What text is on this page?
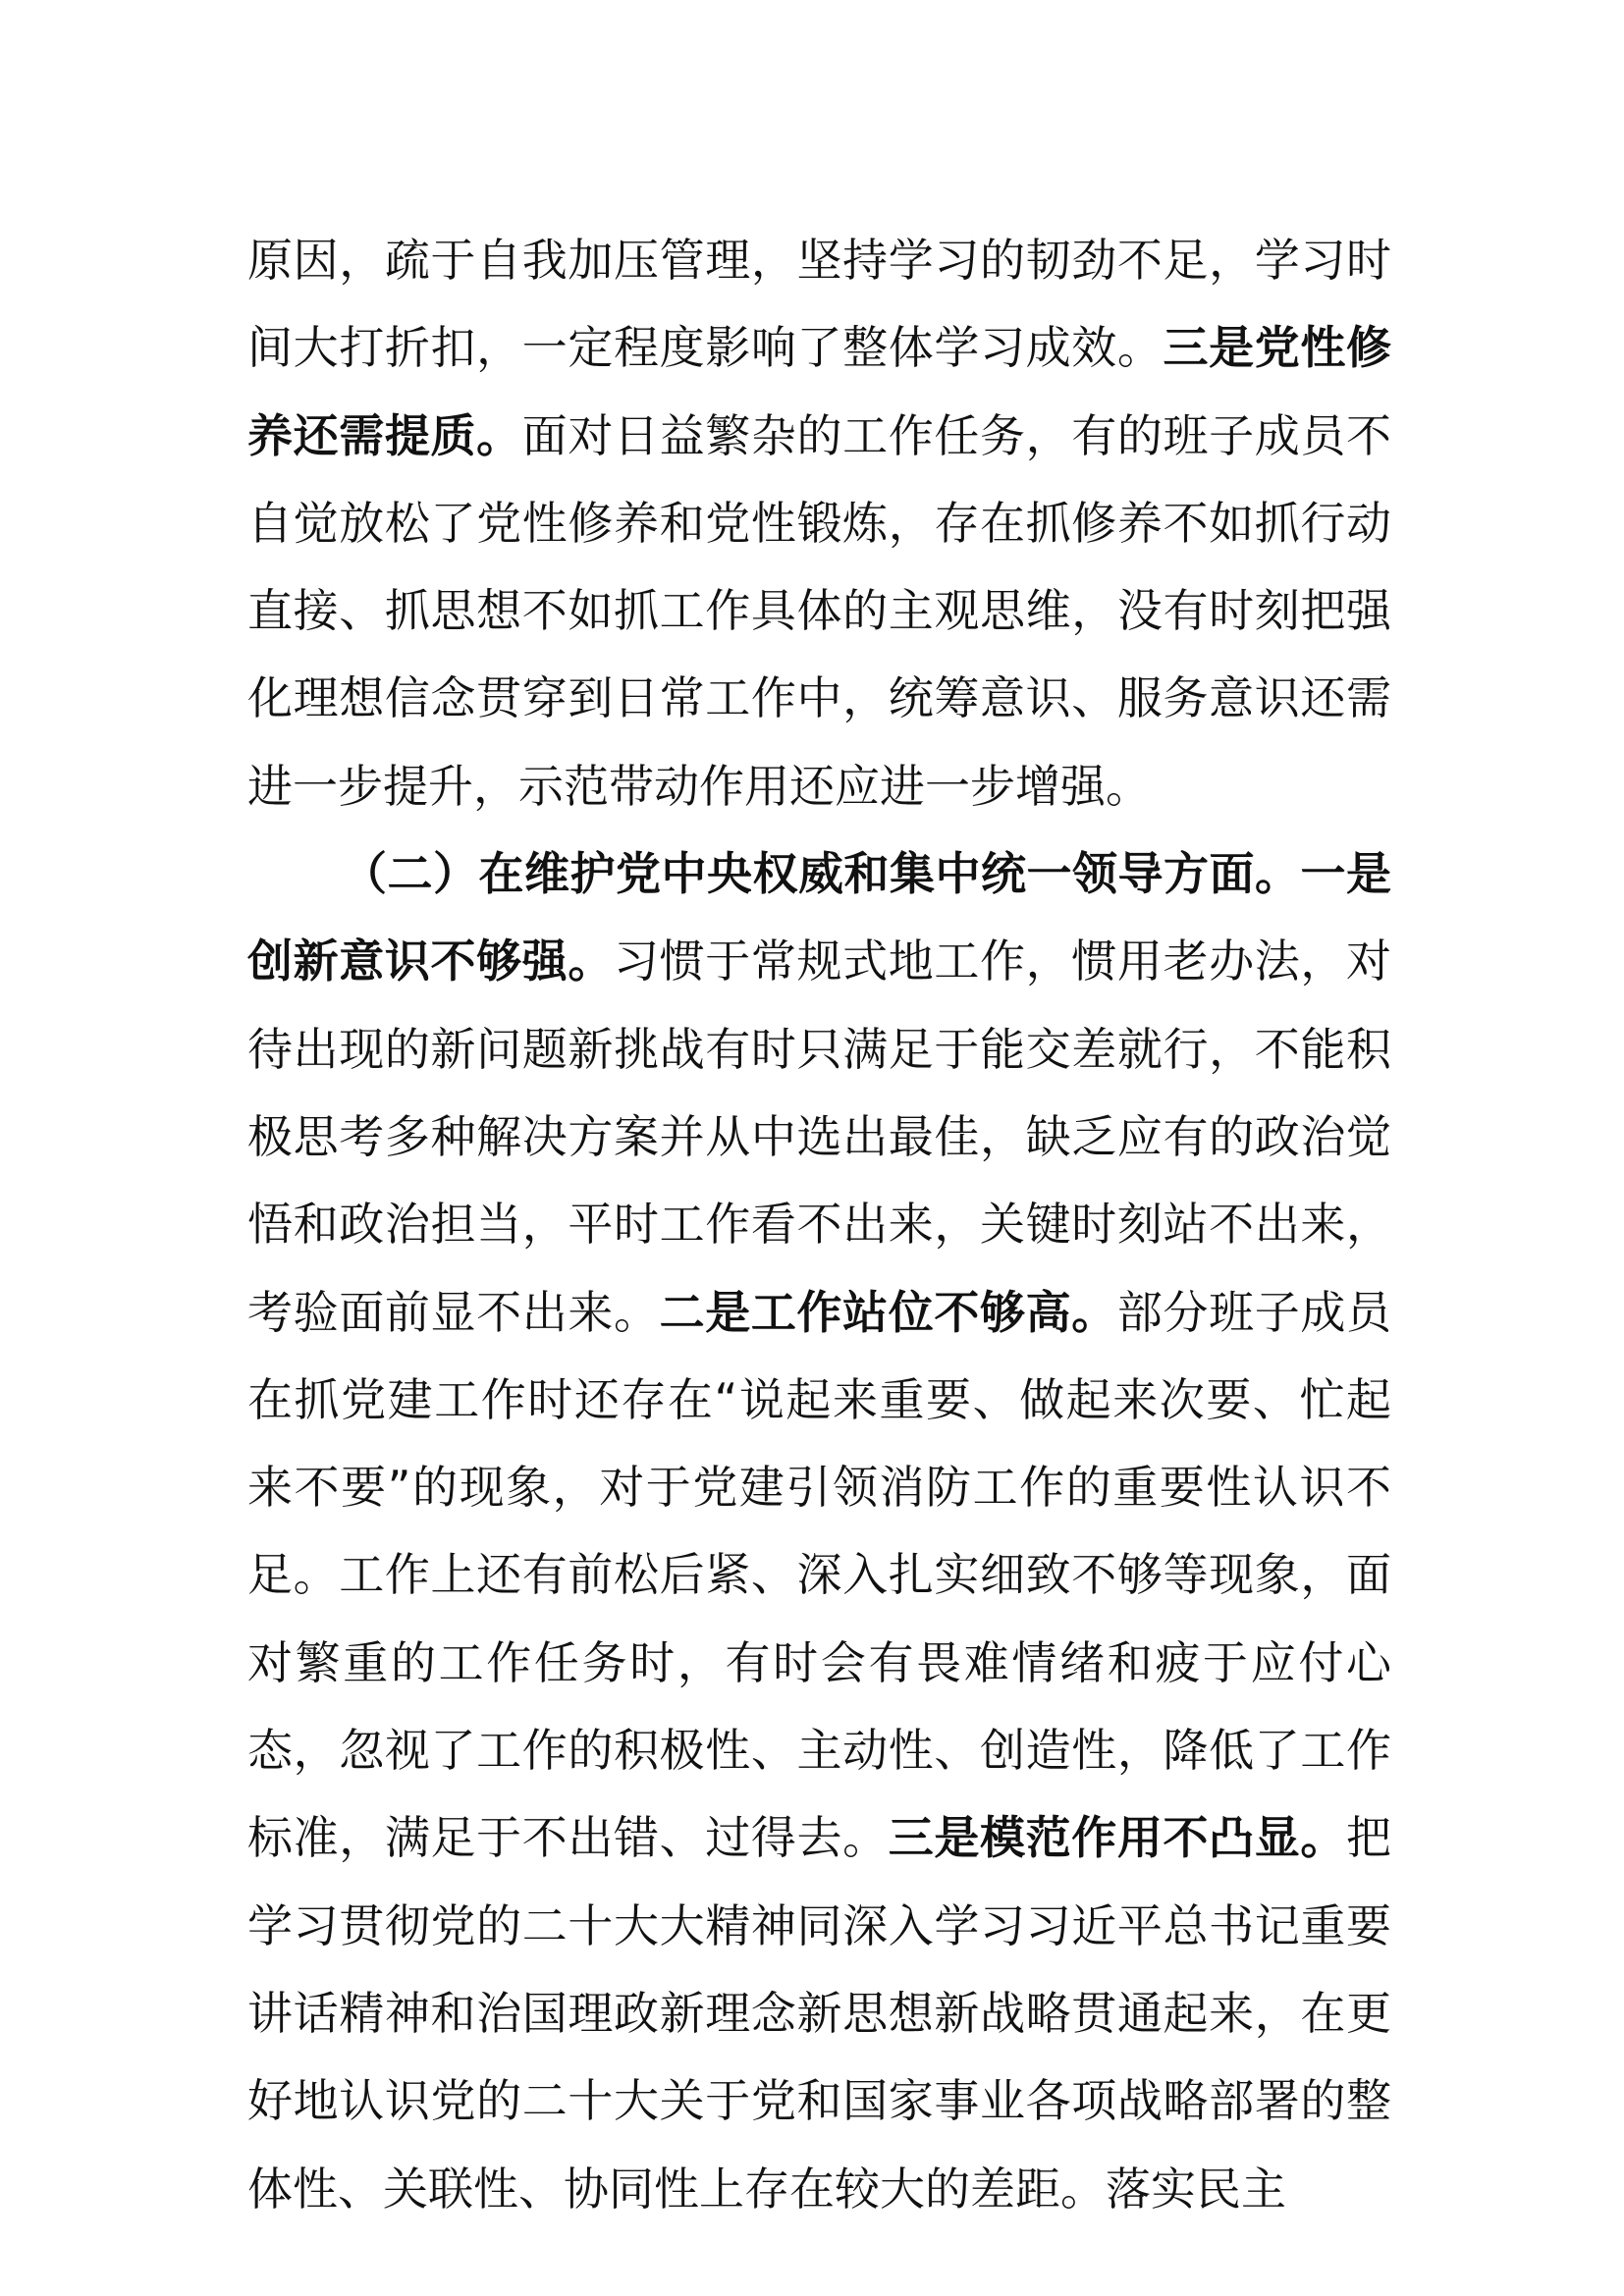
原因，疏于自我加压管理，坚持学习的韧劲不足，学习时间大打折扣，一定程度影响了整体学习成效。三是党性修养还需提质。面对日益繁杂的工作任务，有的班子成员不自觉放松了党性修养和党性锻炼，存在抓修养不如抓行动直接、抓思想不如抓工作具体的主观思维，没有时刻把强化理想信念贯穿到日常工作中，统筹意识、服务意识还需进一步提升，示范带动作用还应进一步增强。

（二）在维护党中央权威和集中统一领导方面。一是创新意识不够强。习惯于常规式地工作，惯用老办法，对待出现的新问题新挑战有时只满足于能交差就行，不能积极思考多种解决方案并从中选出最佳，缺乏应有的政治觉悟和政治担当，平时工作看不出来，关键时刻站不出来，考验面前显不出来。二是工作站位不够高。部分班子成员在抓党建工作时还存在“说起来重要、做起来次要、忙起来不要”的现象，对于党建引领消防工作的重要性认识不足。工作上还有前松后紧、深入扎实细致不够等现象，面对繁重的工作任务时，有时会有畏难情绪和疲于应付心态，忽视了工作的积极性、主动性、创造性，降低了工作标准，满足于不出错、过得去。三是模范作用不凸显。把学习贯彻党的二十大大精神同深入学习习近平总书记重要讲话精神和治国理政新理念新思想新战略贯通起来，在更好地认识党的二十大关于党和国家事业各项战略部署的整体性、关联性、协同性上存在较大的差距。落实民主
